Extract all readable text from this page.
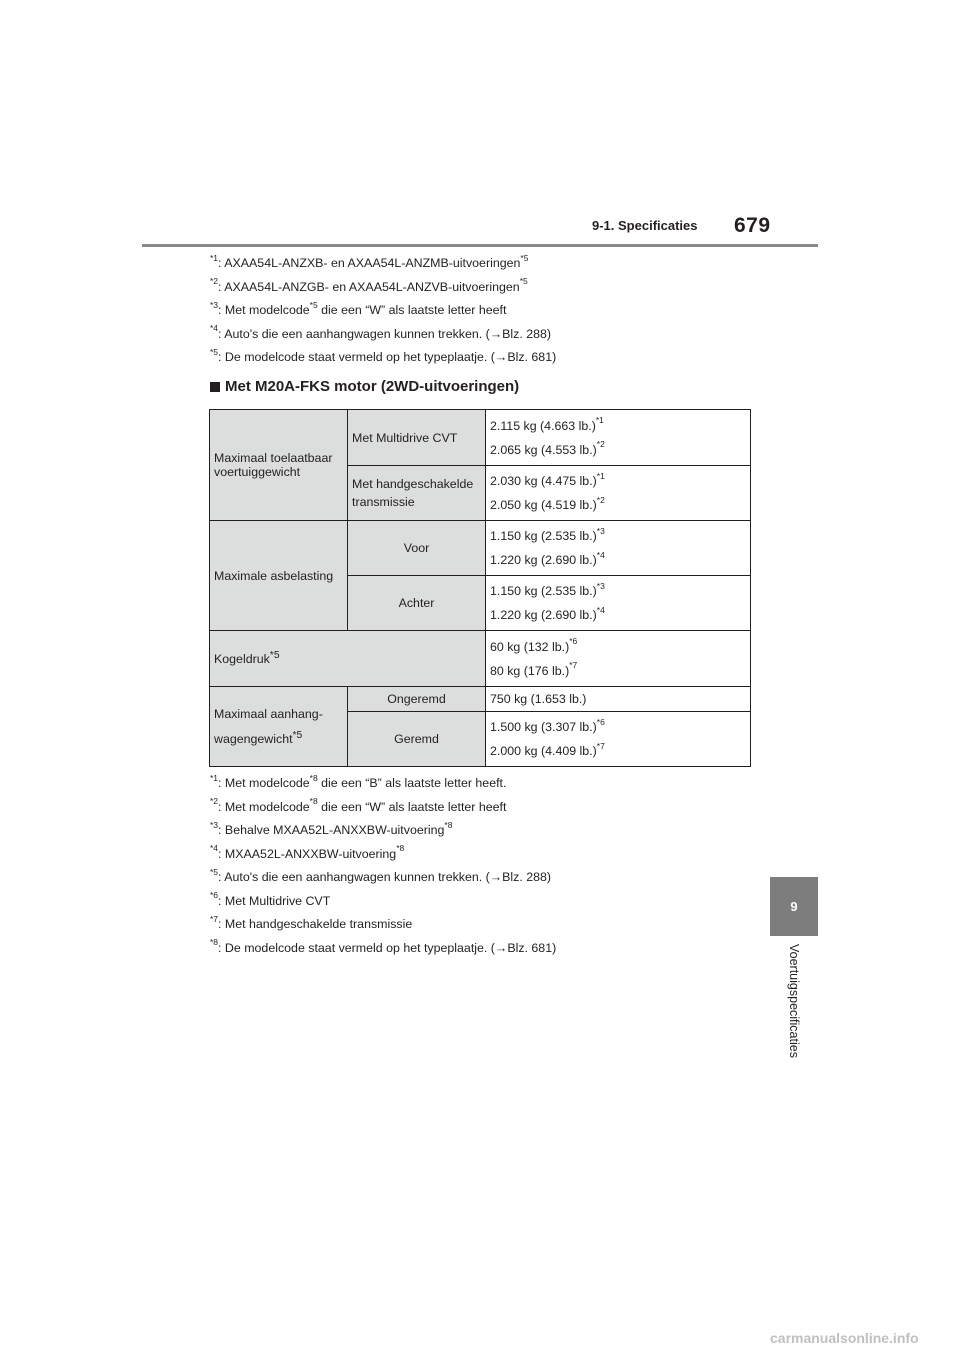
9-1. Specificaties 679
$^{*1}$: AXAA54L-ANZXB- en AXAA54L-ANZMB-uitvoeringen$^{*5}$
$^{*2}$: AXAA54L-ANZGB- en AXAA54L-ANZVB-uitvoeringen$^{*5}$
$^{*3}$: Met modelcode$^{*5}$ die een “W” als laatste letter heeft
$^{*4}$: Auto's die een aanhangwagen kunnen trekken. (→Blz. 288)
$^{*5}$: De modelcode staat vermeld op het typeplaatje. (→Blz. 681)
Met M20A-FKS motor (2WD-uitvoeringen)
Maximaal toelaatbaar voertuiggewicht	Met Multidrive CVT	2.115 kg (4.663 lb.)$^{*1}$
2.065 kg (4.553 lb.)$^{*2}$

	Met handgeschakelde transmissie	2.030 kg (4.475 lb.)$^{*1}$
2.050 kg (4.519 lb.)$^{*2}$

Maximale asbelasting	Voor	1.150 kg (2.535 lb.)$^{*3}$
1.220 kg (2.690 lb.)$^{*4}$

	Achter	1.150 kg (2.535 lb.)$^{*3}$
1.220 kg (2.690 lb.)$^{*4}$

Kogeldruk$^{*5}$		60 kg (132 lb.)$^{*6}$
80 kg (176 lb.)$^{*7}$

Maximaal aanhang-wagengewicht$^{*5}$	Ongeremd	750 kg (1.653 lb.)

	Geremd	1.500 kg (3.307 lb.)$^{*6}$
2.000 kg (4.409 lb.)$^{*7}$
$^{*1}$: Met modelcode$^{*8}$ die een “B” als laatste letter heeft.
$^{*2}$: Met modelcode$^{*8}$ die een “W” als laatste letter heeft
$^{*3}$: Behalve MXAA52L-ANXXBW-uitvoering$^{*8}$
$^{*4}$: MXAA52L-ANXXBW-uitvoering$^{*8}$
$^{*5}$: Auto's die een aanhangwagen kunnen trekken. (→Blz. 288)
$^{*6}$: Met Multidrive CVT
$^{*7}$: Met handgeschakelde transmissie
$^{*8}$: De modelcode staat vermeld op het typeplaatje. (→Blz. 681)
9
Voertuigspecificaties
carmanualsonline.info
